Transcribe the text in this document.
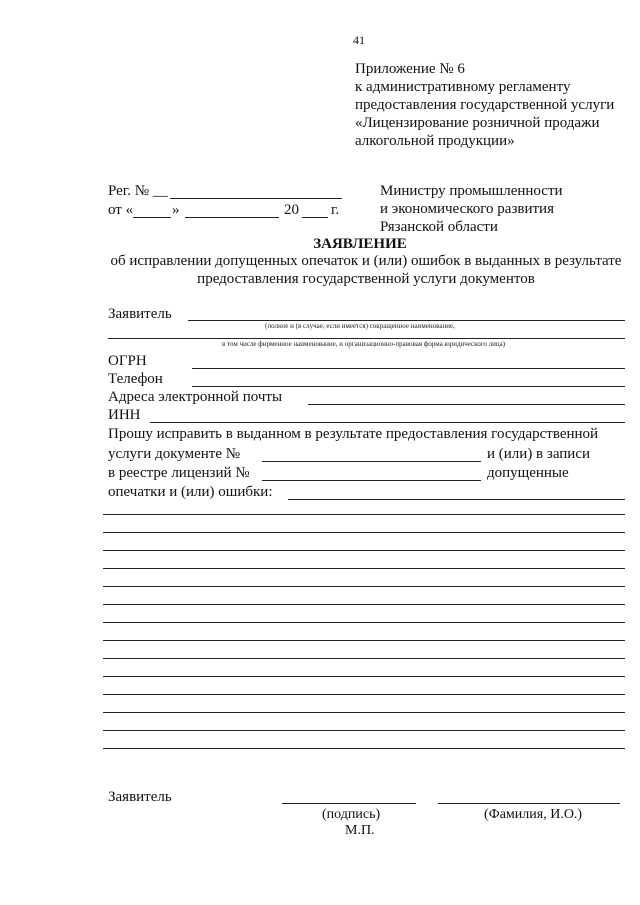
41
Приложение № 6
к административному регламенту
предоставления государственной услуги
«Лицензирование розничной продажи
алкогольной продукции»
Рег. № __
от «	»	20 г.
Министру промышленности
и экономического развития
Рязанской области
ЗАЯВЛЕНИЕ
об исправлении допущенных опечаток и (или) ошибок в выданных в результате
предоставления государственной услуги документов
Заявитель
(полное и (в случае, если имеется) сокращенное наименование,
в том числе фирменное наименование, и организационно-правовая форма юридического лица)
ОГРН
Телефон
Адреса электронной почты
ИНН
Прошу исправить в выданном в результате предоставления государственной
услуги документе №	и (или) в записи
в реестре лицензий №	допущенные
опечатки и (или) ошибки:
Заявитель
(подпись)	(Фамилия, И.О.)
М.П.
